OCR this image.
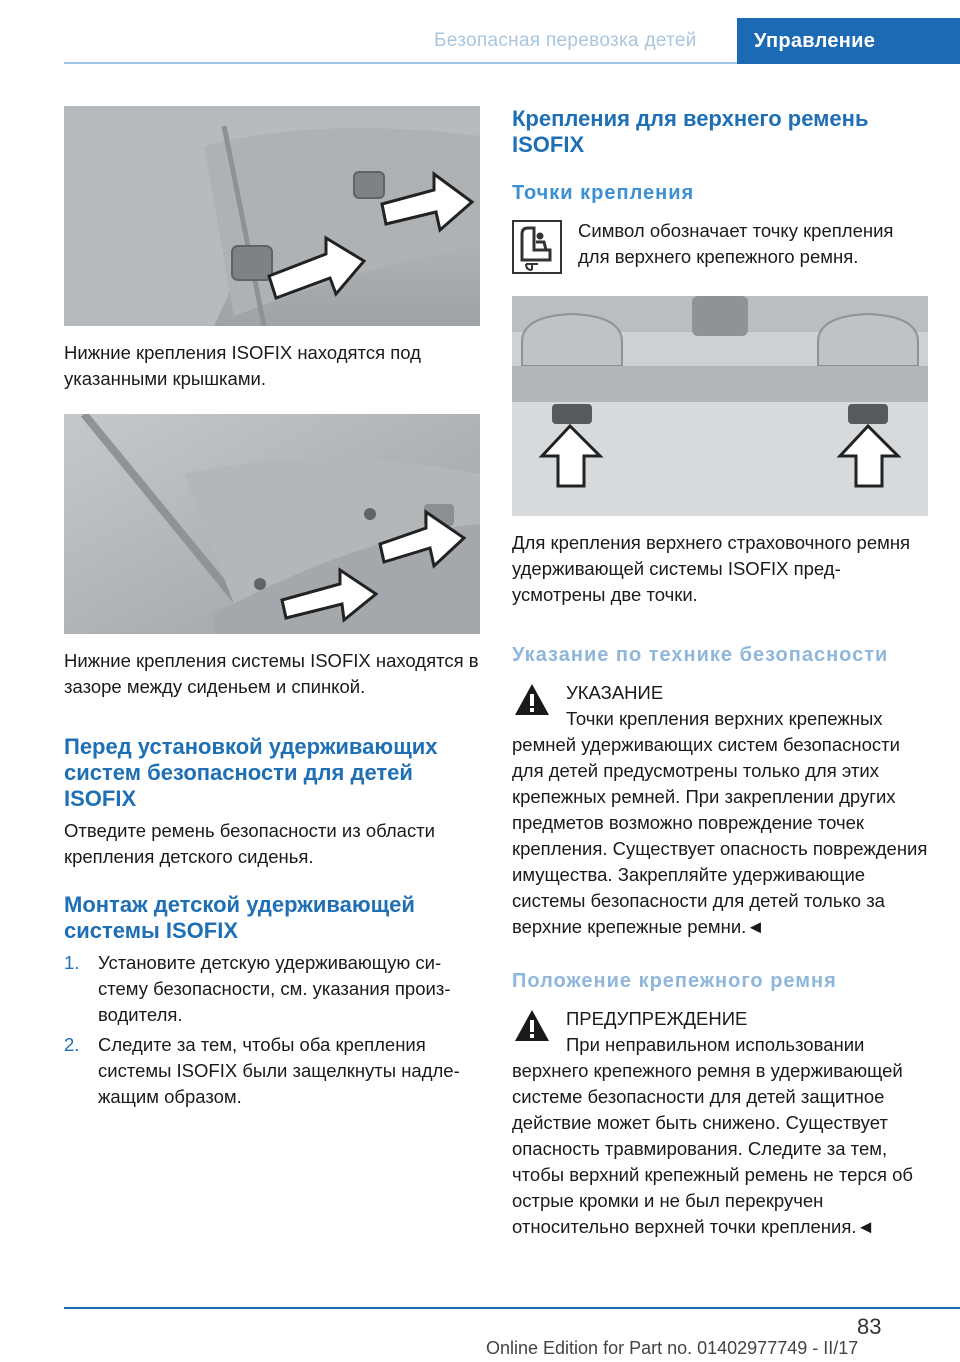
Безопасная перевозка детей	Управление
Нижние крепления ISOFIX находятся под указанными крышками.
Нижние крепления системы ISOFIX находятся в зазоре между сиденьем и спинкой.
Перед установкой удерживающих систем безопасности для детей ISOFIX
Отведите ремень безопасности из области крепления детского сиденья.
Монтаж детской удерживающей системы ISOFIX
1. Установите детскую удерживающую систему безопасности, см. указания производителя.
2. Следите за тем, чтобы оба крепления системы ISOFIX были защелкнуты надлежащим образом.
Крепления для верхнего ремень ISOFIX
Точки крепления
Символ обозначает точку крепления для верхнего крепежного ремня.
Для крепления верхнего страховочного ремня удерживающей системы ISOFIX предусмотрены две точки.
Указание по технике безопасности
УКАЗАНИЕ
Точки крепления верхних крепежных ремней удерживающих систем безопасности для детей предусмотрены только для этих крепежных ремней. При закреплении других предметов возможно повреждение точек крепления. Существует опасность повреждения имущества. Закрепляйте удерживающие системы безопасности для детей только за верхние крепежные ремни.◄
Положение крепежного ремня
ПРЕДУПРЕЖДЕНИЕ
При неправильном использовании верхнего крепежного ремня в удерживающей системе безопасности для детей защитное действие может быть снижено. Существует опасность травмирования. Следите за тем, чтобы верхний крепежный ремень не терся об острые кромки и не был перекручен относительно верхней точки крепления.◄
83
Online Edition for Part no. 01402977749 - II/17
